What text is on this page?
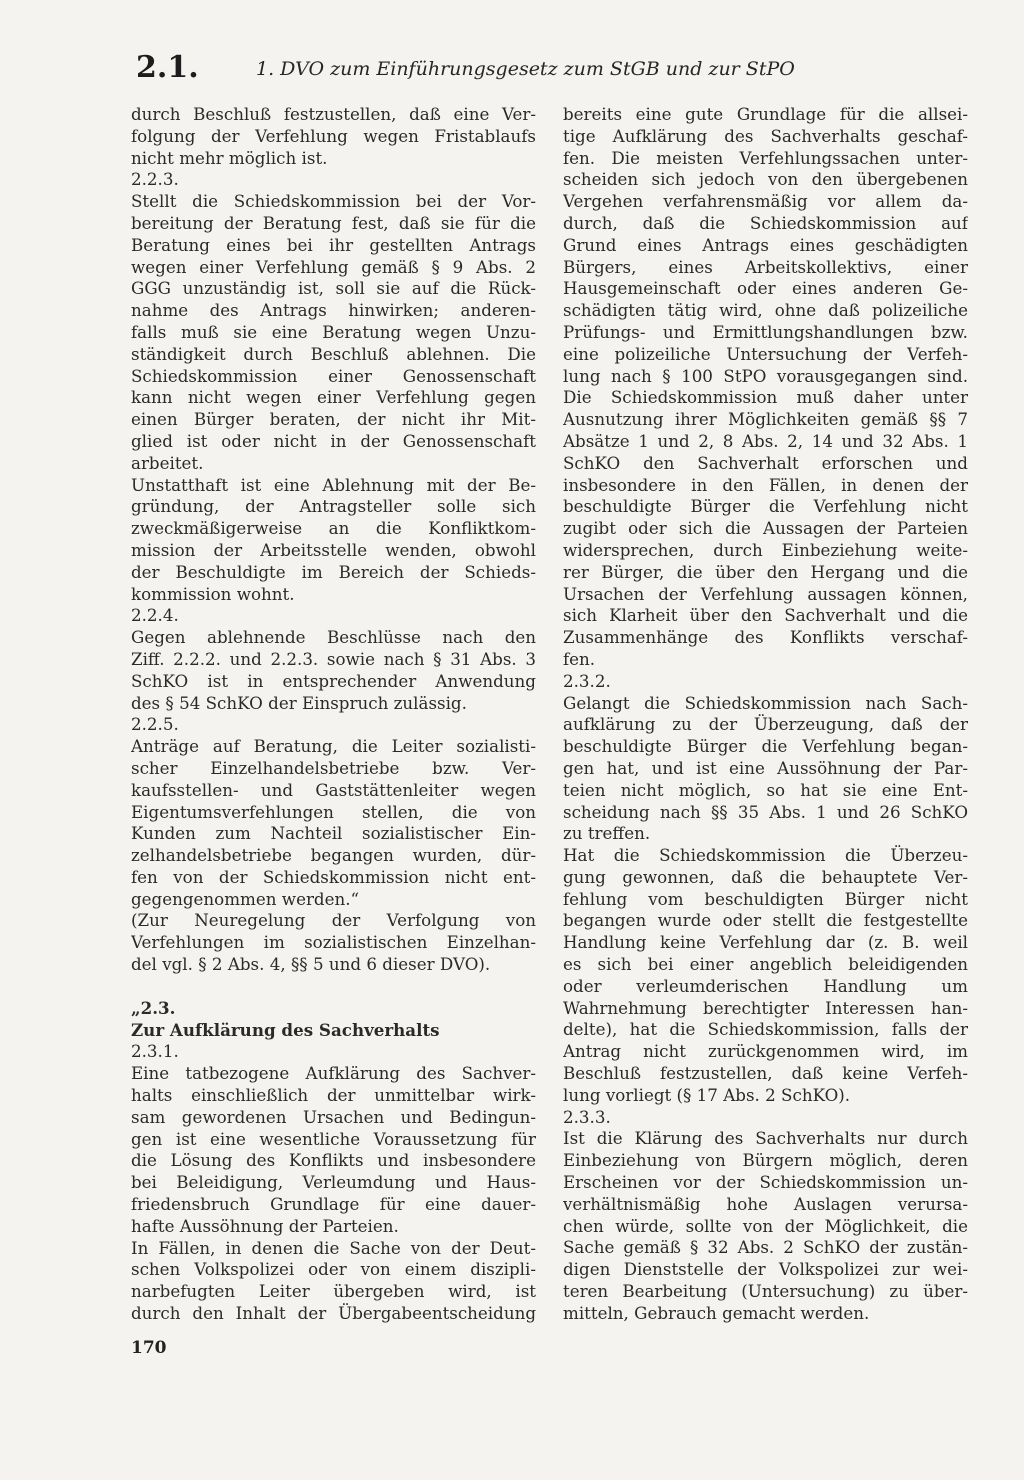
2.1.	1. DVO zum Einführungsgesetz zum StGB und zur StPO
durch Beschluß festzustellen, daß eine Ver-
folgung der Verfehlung wegen Fristablaufs
nicht mehr möglich ist.
2.2.3.
Stellt die Schiedskommission bei der Vor-
bereitung der Beratung fest, daß sie für die
Beratung eines bei ihr gestellten Antrags
wegen einer Verfehlung gemäß § 9 Abs. 2
GGG unzuständig ist, soll sie auf die Rück-
nahme des Antrags hinwirken; anderen-
falls muß sie eine Beratung wegen Unzu-
ständigkeit durch Beschluß ablehnen. Die
Schiedskommission einer Genossenschaft
kann nicht wegen einer Verfehlung gegen
einen Bürger beraten, der nicht ihr Mit-
glied ist oder nicht in der Genossenschaft
arbeitet.
Unstatthaft ist eine Ablehnung mit der Be-
gründung, der Antragsteller solle sich
zweckmäßigerweise an die Konfliktkom-
mission der Arbeitsstelle wenden, obwohl
der Beschuldigte im Bereich der Schieds-
kommission wohnt.
2.2.4.
Gegen ablehnende Beschlüsse nach den
Ziff. 2.2.2. und 2.2.3. sowie nach § 31 Abs. 3
SchKO ist in entsprechender Anwendung
des § 54 SchKO der Einspruch zulässig.
2.2.5.
Anträge auf Beratung, die Leiter sozialisti-
scher Einzelhandelsbetriebe bzw. Ver-
kaufsstellen- und Gaststättenleiter wegen
Eigentumsverfehlungen stellen, die von
Kunden zum Nachteil sozialistischer Ein-
zelhandelsbetriebe begangen wurden, dür-
fen von der Schiedskommission nicht ent-
gegengenommen werden.“
(Zur Neuregelung der Verfolgung von
Verfehlungen im sozialistischen Einzelhan-
del vgl. § 2 Abs. 4, §§ 5 und 6 dieser DVO).
„2.3.
Zur Aufklärung des Sachverhalts
2.3.1.
Eine tatbezogene Aufklärung des Sachver-
halts einschließlich der unmittelbar wirk-
sam gewordenen Ursachen und Bedingun-
gen ist eine wesentliche Voraussetzung für
die Lösung des Konflikts und insbesondere
bei Beleidigung, Verleumdung und Haus-
friedensbruch Grundlage für eine dauer-
hafte Aussöhnung der Parteien.
In Fällen, in denen die Sache von der Deut-
schen Volkspolizei oder von einem diszipli-
narbefugten Leiter übergeben wird, ist
durch den Inhalt der Übergabeentscheidung
bereits eine gute Grundlage für die allsei-
tige Aufklärung des Sachverhalts geschaf-
fen. Die meisten Verfehlungssachen unter-
scheiden sich jedoch von den übergebenen
Vergehen verfahrensmäßig vor allem da-
durch, daß die Schiedskommission auf
Grund eines Antrags eines geschädigten
Bürgers, eines Arbeitskollektivs, einer
Hausgemeinschaft oder eines anderen Ge-
schädigten tätig wird, ohne daß polizeiliche
Prüfungs- und Ermittlungshandlungen bzw.
eine polizeiliche Untersuchung der Verfeh-
lung nach § 100 StPO vorausgegangen sind.
Die Schiedskommission muß daher unter
Ausnutzung ihrer Möglichkeiten gemäß §§ 7
Absätze 1 und 2, 8 Abs. 2, 14 und 32 Abs. 1
SchKO den Sachverhalt erforschen und
insbesondere in den Fällen, in denen der
beschuldigte Bürger die Verfehlung nicht
zugibt oder sich die Aussagen der Parteien
widersprechen, durch Einbeziehung weite-
rer Bürger, die über den Hergang und die
Ursachen der Verfehlung aussagen können,
sich Klarheit über den Sachverhalt und die
Zusammenhänge des Konflikts verschaf-
fen.
2.3.2.
Gelangt die Schiedskommission nach Sach-
aufklärung zu der Überzeugung, daß der
beschuldigte Bürger die Verfehlung began-
gen hat, und ist eine Aussöhnung der Par-
teien nicht möglich, so hat sie eine Ent-
scheidung nach §§ 35 Abs. 1 und 26 SchKO
zu treffen.
Hat die Schiedskommission die Überzeu-
gung gewonnen, daß die behauptete Ver-
fehlung vom beschuldigten Bürger nicht
begangen wurde oder stellt die festgestellte
Handlung keine Verfehlung dar (z. B. weil
es sich bei einer angeblich beleidigenden
oder verleumderischen Handlung um
Wahrnehmung berechtigter Interessen han-
delte), hat die Schiedskommission, falls der
Antrag nicht zurückgenommen wird, im
Beschluß festzustellen, daß keine Verfeh-
lung vorliegt (§ 17 Abs. 2 SchKO).
2.3.3.
Ist die Klärung des Sachverhalts nur durch
Einbeziehung von Bürgern möglich, deren
Erscheinen vor der Schiedskommission un-
verhältnismäßig hohe Auslagen verursa-
chen würde, sollte von der Möglichkeit, die
Sache gemäß § 32 Abs. 2 SchKO der zustän-
digen Dienststelle der Volkspolizei zur wei-
teren Bearbeitung (Untersuchung) zu über-
mitteln, Gebrauch gemacht werden.
170
